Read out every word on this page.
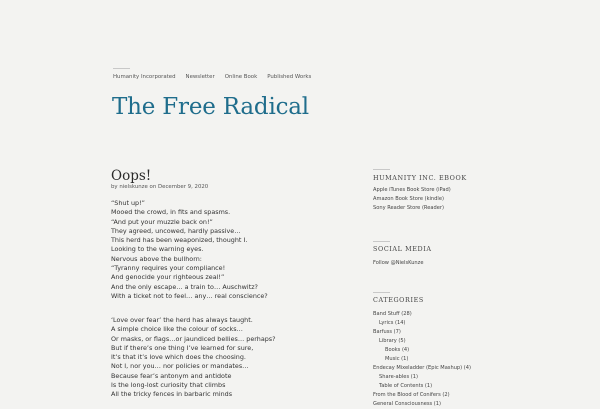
Humanity Incorporated Newsletter Online Book Published Works
The Free Radical
Oops!
by nielskunze on December 9, 2020
“Shut up!”
Mooed the crowd, in fits and spasms.
“And put your muzzle back on!”
They agreed, uncowed, hardly passive…
This herd has been weaponized, thought I.
Looking to the warning eyes.
Nervous above the bullhorn:
“Tyranny requires your compliance!
And genocide your righteous zeal!”
And the only escape… a train to… Auschwitz?
With a ticket not to feel… any… real conscience?
‘Love over fear’ the herd has always taught.
A simple choice like the colour of socks…
Or masks, or flags…or jaundiced bellies… perhaps?
But if there’s one thing I’ve learned for sure,
It’s that it’s love which does the choosing.
Not I, nor you… nor policies or mandates…
Because fear’s antonym and antidote
Is the long-lost curiosity that climbs
All the tricky fences in barbaric minds
HUMANITY INC. EBOOK
Apple iTunes Book Store (iPad)
Amazon Book Store (kindle)
Sony Reader Store (Reader)
SOCIAL MEDIA
Follow @NielsKunze
CATEGORIES
Band Stuff (28)
Lyrics (14)
Barfuss (7)
Library (5)
Books (4)
Music (1)
Endecay Mixeladder (Epic Mashup) (4)
Share-ables (1)
Table of Contents (1)
From the Blood of Conifers (2)
General Consciousness (1)
